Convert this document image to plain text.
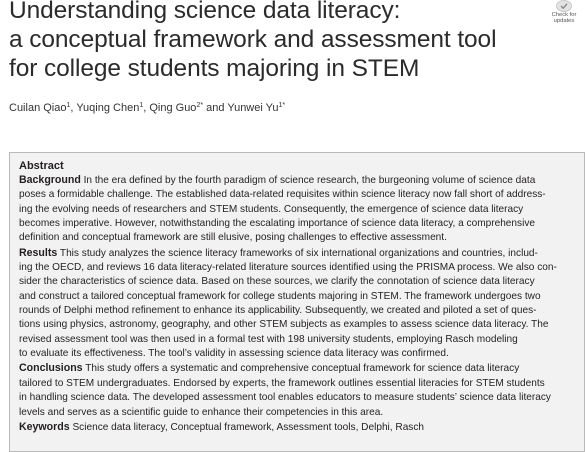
Understanding science data literacy:
a conceptual framework and assessment tool
for college students majoring in STEM
Check for
updates
Cuilan Qiao$^1$, Yuqing Chen$^1$, Qing Guo$^{2*}$ and Yunwei $Yu^{1*}$
Abstract

Background In the era defined by the fourth paradigm of science research, the burgeoning volume of science data
poses a formidable challenge. The established data-related requisites within science literacy now fall short of address-
ing the evolving needs of researchers and STEM students. Consequently, the emergence of science data literacy
becomes imperative. However, notwithstanding the escalating importance of science data literacy, a comprehensive
definition and conceptual framework are still elusive, posing challenges to effective assessment.

Results This study analyzes the science literacy frameworks of six international organizations and countries, includ-
ing the OECD, and reviews 16 data literacy-related literature sources identified using the PRISMA process. We also con-
sider the characteristics of science data. Based on these sources, we clarify the connotation of science data literacy
and construct a tailored conceptual framework for college students majoring in STEM. The framework undergoes two
rounds of Delphi method refinement to enhance its applicability. Subsequently, we created and piloted a set of ques-
tions using physics, astronomy, geography, and other STEM subjects as examples to assess science data literacy. The
revised assessment tool was then used in a formal test with 198 university students, employing Rasch modeling
to evaluate its effectiveness. The tool’s validity in assessing science data literacy was confirmed.

Conclusions This study offers a systematic and comprehensive conceptual framework for science data literacy
tailored to STEM undergraduates. Endorsed by experts, the framework outlines essential literacies for STEM students
in handling science data. The developed assessment tool enables educators to measure students’ science data literacy
levels and serves as a scientific guide to enhance their competencies in this area.

Keywords Science data literacy, Conceptual framework, Assessment tools, Delphi, Rasch
